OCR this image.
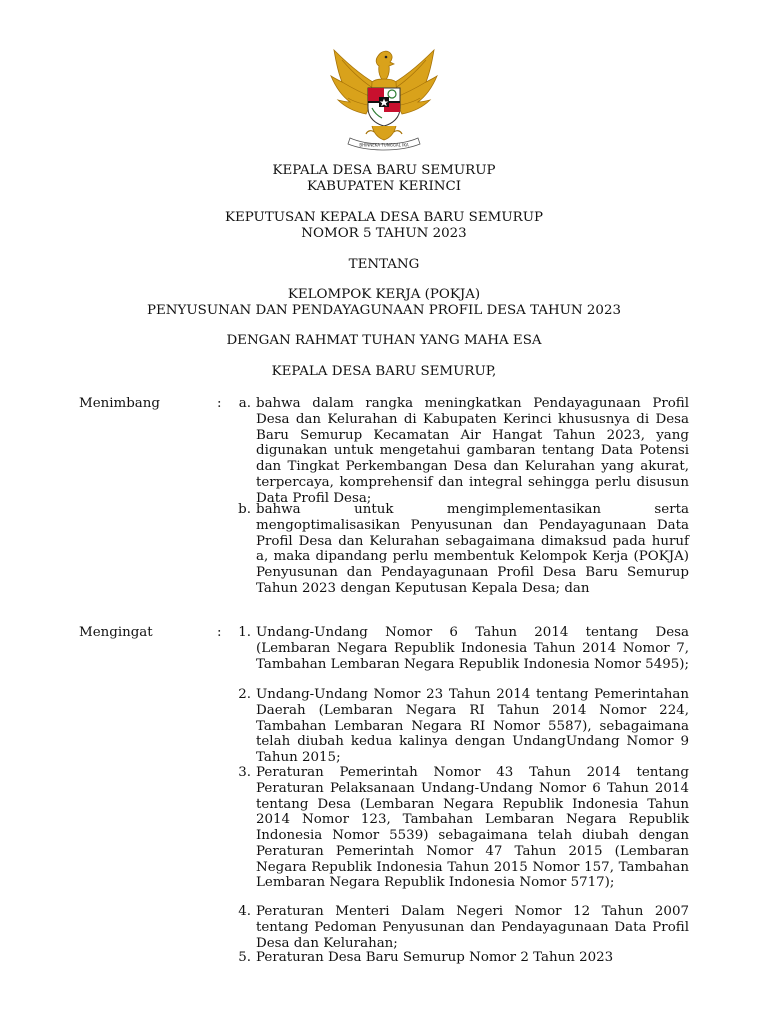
BHINNEKA TUNGGAL IKA
KEPALA DESA BARU SEMURUP
KABUPATEN KERINCI
KEPUTUSAN KEPALA DESA BARU SEMURUP
NOMOR 5 TAHUN 2023
TENTANG
KELOMPOK KERJA (POKJA)
PENYUSUNAN DAN PENDAYAGUNAAN PROFIL DESA TAHUN 2023
DENGAN RAHMAT TUHAN YANG MAHA ESA
KEPALA DESA BARU SEMURUP,
Menimbang	:	a. bahwa dalam rangka meningkatkan Pendayagunaan Profil Desa dan Kelurahan di Kabupaten Kerinci khususnya di Desa Baru Semurup Kecamatan Air Hangat Tahun 2023, yang digunakan untuk mengetahui gambaran tentang Data Potensi dan Tingkat Perkembangan Desa dan Kelurahan yang akurat, terpercaya, komprehensif dan integral sehingga perlu disusun Data Profil Desa;
b. bahwa untuk mengimplementasikan serta mengoptimalisasikan Penyusunan dan Pendayagunaan Data Profil Desa dan Kelurahan sebagaimana dimaksud pada huruf a, maka dipandang perlu membentuk Kelompok Kerja (POKJA) Penyusunan dan Pendayagunaan Profil Desa Baru Semurup Tahun 2023 dengan Keputusan Kepala Desa; dan
Mengingat	:	1. Undang-Undang Nomor 6 Tahun 2014 tentang Desa (Lembaran Negara Republik Indonesia Tahun 2014 Nomor 7, Tambahan Lembaran Negara Republik Indonesia Nomor 5495);
2. Undang-Undang Nomor 23 Tahun 2014 tentang Pemerintahan Daerah (Lembaran Negara RI Tahun 2014 Nomor 224, Tambahan Lembaran Negara RI Nomor 5587), sebagaimana telah diubah kedua kalinya dengan UndangUndang Nomor 9 Tahun 2015;
3. Peraturan Pemerintah Nomor 43 Tahun 2014 tentang Peraturan Pelaksanaan Undang-Undang Nomor 6 Tahun 2014 tentang Desa (Lembaran Negara Republik Indonesia Tahun 2014 Nomor 123, Tambahan Lembaran Negara Republik Indonesia Nomor 5539) sebagaimana telah diubah dengan Peraturan Pemerintah Nomor 47 Tahun 2015 (Lembaran Negara Republik Indonesia Tahun 2015 Nomor 157, Tambahan Lembaran Negara Republik Indonesia Nomor 5717);
4. Peraturan Menteri Dalam Negeri Nomor 12 Tahun 2007 tentang Pedoman Penyusunan dan Pendayagunaan Data Profil Desa dan Kelurahan;
5. Peraturan Desa Baru Semurup Nomor 2 Tahun 2023
